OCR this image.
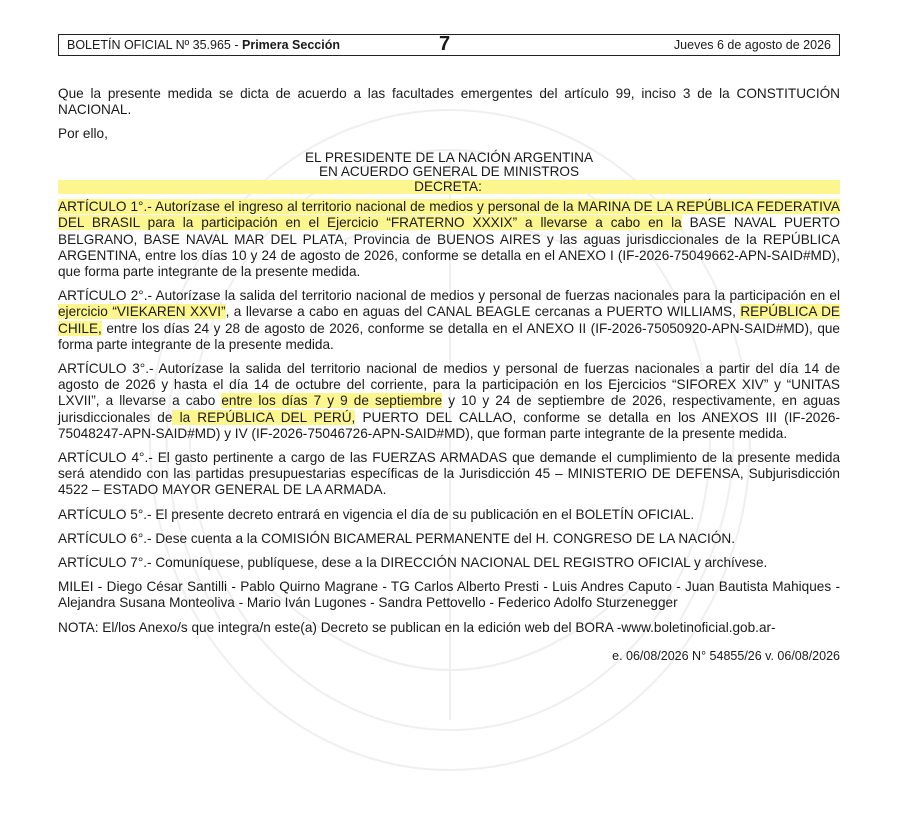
BOLETÍN OFICIAL Nº 35.965 - Primera Sección	7	Jueves 6 de agosto de 2026

Que la presente medida se dicta de acuerdo a las facultades emergentes del artículo 99, inciso 3 de la CONSTITUCIÓN NACIONAL.

Por ello,

EL PRESIDENTE DE LA NACIÓN ARGENTINA
EN ACUERDO GENERAL DE MINISTROS
DECRETA:

ARTÍCULO 1°.- Autorízase el ingreso al territorio nacional de medios y personal de la MARINA DE LA REPÚBLICA FEDERATIVA DEL BRASIL para la participación en el Ejercicio “FRATERNO XXXIX” a llevarse a cabo en la BASE NAVAL PUERTO BELGRANO, BASE NAVAL MAR DEL PLATA, Provincia de BUENOS AIRES y las aguas jurisdiccionales de la REPÚBLICA ARGENTINA, entre los días 10 y 24 de agosto de 2026, conforme se detalla en el ANEXO I (IF-2026-75049662-APN-SAID#MD), que forma parte integrante de la presente medida.

ARTÍCULO 2°.- Autorízase la salida del territorio nacional de medios y personal de fuerzas nacionales para la participación en el ejercicio “VIEKAREN XXVI”, a llevarse a cabo en aguas del CANAL BEAGLE cercanas a PUERTO WILLIAMS, REPÚBLICA DE CHILE, entre los días 24 y 28 de agosto de 2026, conforme se detalla en el ANEXO II (IF-2026-75050920-APN-SAID#MD), que forma parte integrante de la presente medida.

ARTÍCULO 3°.- Autorízase la salida del territorio nacional de medios y personal de fuerzas nacionales a partir del día 14 de agosto de 2026 y hasta el día 14 de octubre del corriente, para la participación en los Ejercicios “SIFOREX XIV” y “UNITAS LXVII”, a llevarse a cabo entre los días 7 y 9 de septiembre y 10 y 24 de septiembre de 2026, respectivamente, en aguas jurisdiccionales de la REPÚBLICA DEL PERÚ, PUERTO DEL CALLAO, conforme se detalla en los ANEXOS III (IF-2026-75048247-APN-SAID#MD) y IV (IF-2026-75046726-APN-SAID#MD), que forman parte integrante de la presente medida.

ARTÍCULO 4°.- El gasto pertinente a cargo de las FUERZAS ARMADAS que demande el cumplimiento de la presente medida será atendido con las partidas presupuestarias específicas de la Jurisdicción 45 – MINISTERIO DE DEFENSA, Subjurisdicción 4522 – ESTADO MAYOR GENERAL DE LA ARMADA.

ARTÍCULO 5°.- El presente decreto entrará en vigencia el día de su publicación en el BOLETÍN OFICIAL.

ARTÍCULO 6°.- Dese cuenta a la COMISIÓN BICAMERAL PERMANENTE del H. CONGRESO DE LA NACIÓN.

ARTÍCULO 7°.- Comuníquese, publíquese, dese a la DIRECCIÓN NACIONAL DEL REGISTRO OFICIAL y archívese.

MILEI - Diego César Santilli - Pablo Quirno Magrane - TG Carlos Alberto Presti - Luis Andres Caputo - Juan Bautista Mahiques - Alejandra Susana Monteoliva - Mario Iván Lugones - Sandra Pettovello - Federico Adolfo Sturzenegger

NOTA: El/los Anexo/s que integra/n este(a) Decreto se publican en la edición web del BORA -www.boletinoficial.gob.ar-

e. 06/08/2026 N° 54855/26 v. 06/08/2026
